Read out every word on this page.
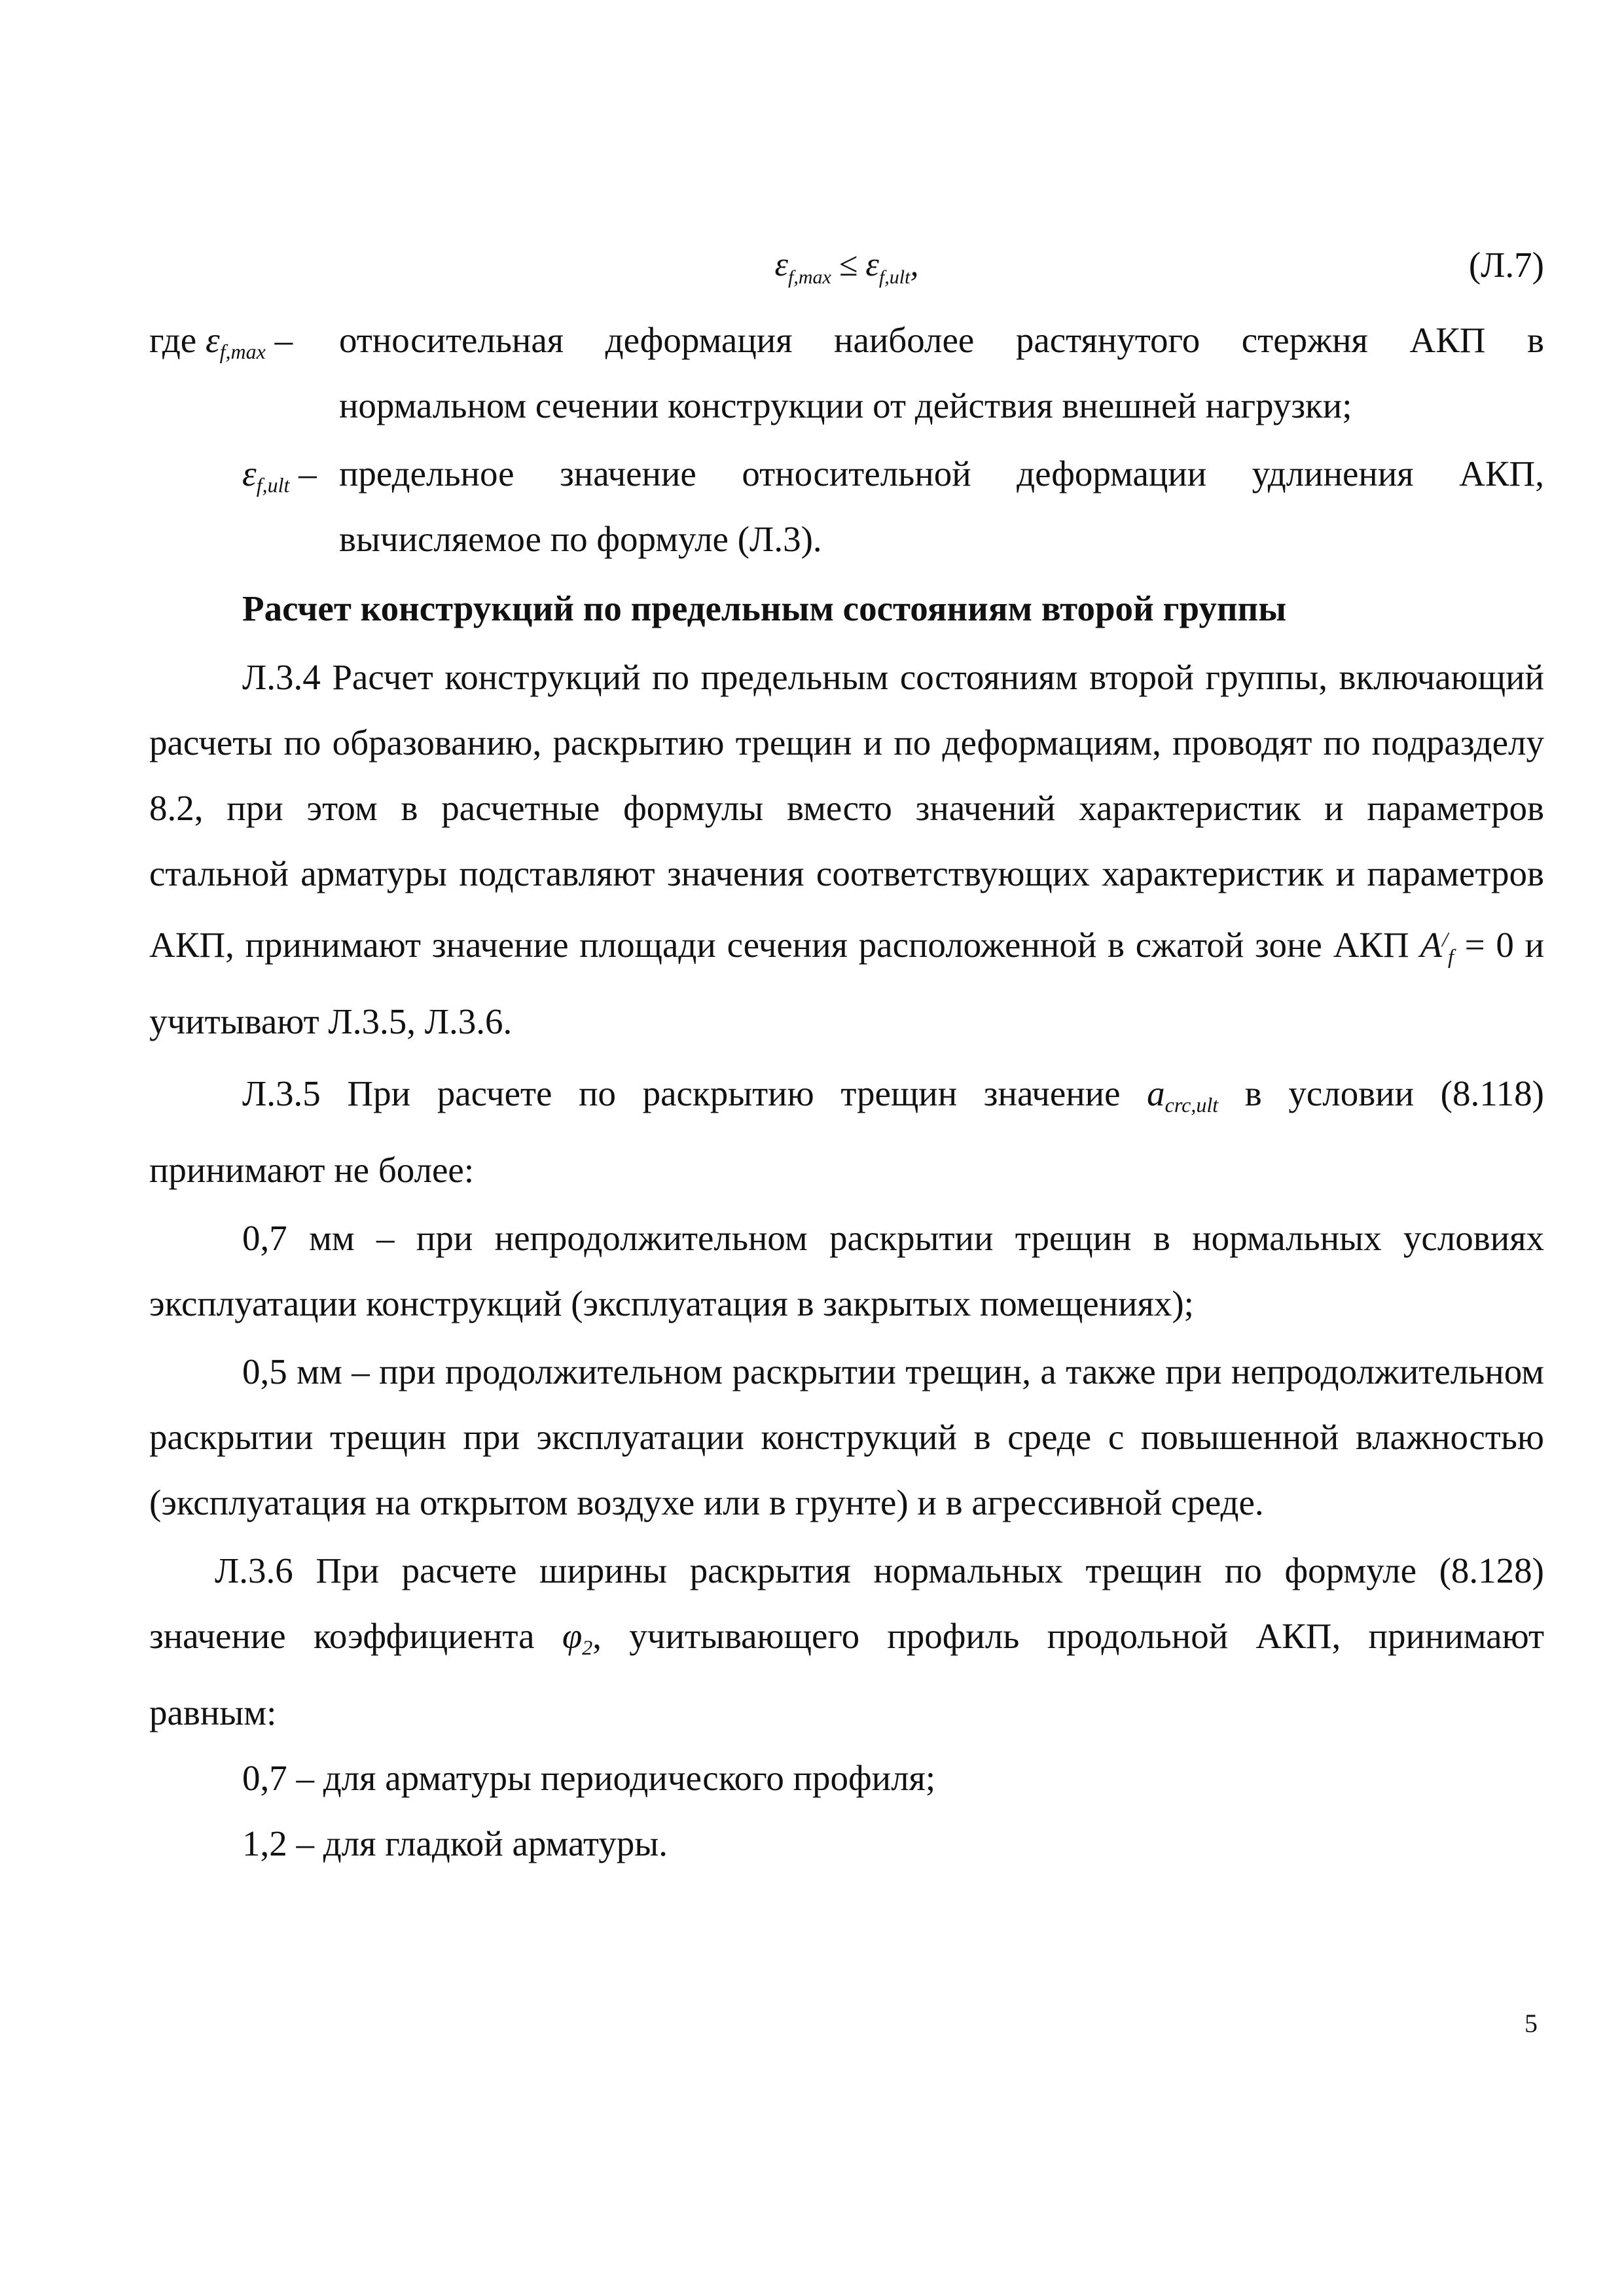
$\varepsilon_{f,max} \le \varepsilon_{f,ult}$,	(Л.7)
где $\varepsilon_{f,max}$ – относительная деформация наиболее растянутого стержня АКП в нормальном сечении конструкции от действия внешней нагрузки;
$\varepsilon_{f,ult}$ – предельное значение относительной деформации удлинения АКП, вычисляемое по формуле (Л.3).
Расчет конструкций по предельным состояниям второй группы

Л.3.4 Расчет конструкций по предельным состояниям второй группы, включающий расчеты по образованию, раскрытию трещин и по деформациям, проводят по подразделу 8.2, при этом в расчетные формулы вместо значений характеристик и параметров стальной арматуры подставляют значения соответствующих характеристик и параметров АКП, принимают значение площади сечения расположенной в сжатой зоне АКП $A^/_f = 0$ и учитывают Л.3.5, Л.3.6.

Л.3.5 При расчете по раскрытию трещин значение $a_{crc,ult}$ в условии (8.118) принимают не более:

0,7 мм – при непродолжительном раскрытии трещин в нормальных условиях эксплуатации конструкций (эксплуатация в закрытых помещениях);

0,5 мм – при продолжительном раскрытии трещин, а также при непродолжительном раскрытии трещин при эксплуатации конструкций в среде с повышенной влажностью (эксплуатация на открытом воздухе или в грунте) и в агрессивной среде.

Л.3.6 При расчете ширины раскрытия нормальных трещин по формуле (8.128) значение коэффициента $\varphi_2$, учитывающего профиль продольной АКП, принимают равным:

0,7 – для арматуры периодического профиля;

1,2 – для гладкой арматуры.

5
